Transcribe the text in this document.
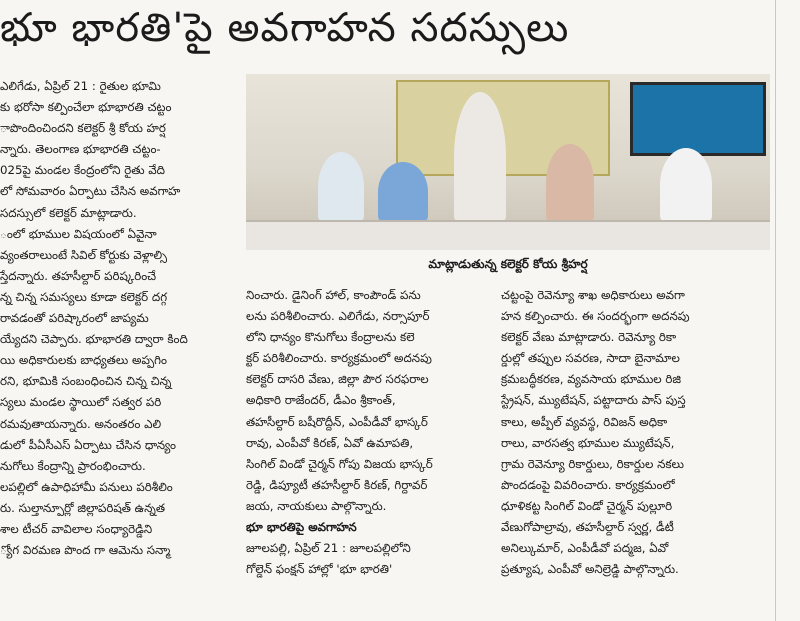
భూ భారతి'పై అవగాహన సదస్సులు
ఎలిగేడు, ఏప్రిల్ 21 : రైతుల భూమి
కు భరోసా కల్పించేలా భూభారతి చట్టం
ాపొందించిందని కలెక్టర్ శ్రీ కోయ హర్ష
న్నారు. తెలంగాణ భూభారతి చట్టం-
025పై మండల కేంద్రంలోని రైతు వేది
లో సోమవారం ఏర్పాటు చేసిన అవగాహ
సదస్సులో కలెక్టర్ మాట్లాడారు.
ంలో భూముల విషయంలో ఏవైనా
వ్యంతరాలుంటే సివిల్ కోర్టుకు వెళ్లాల్సి
స్తేదన్నారు. తహసీల్దార్ పరిష్కరించే
న్న చిన్న సమస్యలు కూడా కలెక్టర్ దగ్గ
రావడంతో పరిష్కారంలో జాప్యమ
య్యేదని చెప్పారు. భూభారతి ద్వారా కింది
యి అధికారులకు బాధ్యతలు అప్పగిం
రని, భూమికి సంబంధించిన చిన్న చిన్న
స్యలు మండల స్థాయిలో సత్వర పరి
రమవుతాయన్నారు. అనంతరం ఎలి
డులో పీఏసీఎస్ ఏర్పాటు చేసిన ధాన్యం
నుగోలు కేంద్రాన్ని ప్రారంభించారు.
లపల్లిలో ఉపాధిహామీ పనులు పరిశీలిం
రు. సుల్తాన్పూర్లో జిల్లాపరిషత్ ఉన్నత
శాల టీచర్ వావిలాల సంధ్యారెడ్డిని
్యోగ విరమణ పొంద గా ఆమెను సన్మా
మాట్లాడుతున్న కలెక్టర్ కోయ శ్రీహర్ష
నించారు. డైనింగ్ హాల్, కాంపౌండ్ పను
లను పరిశీలించారు. ఎలిగేడు, నర్సాపూర్
లోని ధాన్యం కొనుగోలు కేంద్రాలను కలె
క్టర్ పరిశీలించారు. కార్యక్రమంలో అదనపు
కలెక్టర్ దాసరి వేణు, జిల్లా పౌర సరఫరాల
అధికారి రాజేందర్, డీఎం శ్రీకాంత్,
తహసీల్దార్ బషీరొద్దీన్, ఎంపీడీవో భాస్కర్
రావు, ఎంపీవో కిరణ్, ఏవో ఉమాపతి,
సింగిల్ విండో చైర్మన్ గోపు విజయ భాస్కర్
రెడ్డి, డిప్యూటీ తహసీల్దార్ కిరణ్, గిర్దావర్
జయ, నాయకులు పాల్గొన్నారు.
భూ భారతిపై అవగాహన
జూలపల్లి, ఏప్రిల్ 21 : జూలపల్లిలోని
గోల్డెన్ ఫంక్షన్ హాల్లో 'భూ భారతి'
చట్టంపై రెవెన్యూ శాఖ అధికారులు అవగా
హన కల్పించారు. ఈ సందర్భంగా అదనపు
కలెక్టర్ వేణు మాట్లాడారు. రెవెన్యూ రికా
ర్డుల్లో తప్పుల సవరణ, సాదా బైనామాల
క్రమబద్ధీకరణ, వ్యవసాయ భూముల రిజి
స్ట్రేషన్, మ్యుటేషన్, పట్టాదారు పాస్ పుస్త
కాలు, అప్పీల్ వ్యవస్థ, రివిజన్ అధికా
రాలు, వారసత్వ భూముల మ్యుటేషన్,
గ్రామ రెవెన్యూ రికార్డులు, రికార్డుల నకలు
పొందడంపై వివరించారు. కార్యక్రమంలో
ధూళికట్ట సింగిల్ విండో చైర్మన్ పుల్లూరి
వేణుగోపాల్రావు, తహసీల్దార్ స్వర్ణ, డీటీ
అనిల్కుమార్, ఎంపీడీవో పద్మజ, ఏవో
ప్రత్యూష, ఎంపీవో అనిల్రెడ్డి పాల్గొన్నారు.
